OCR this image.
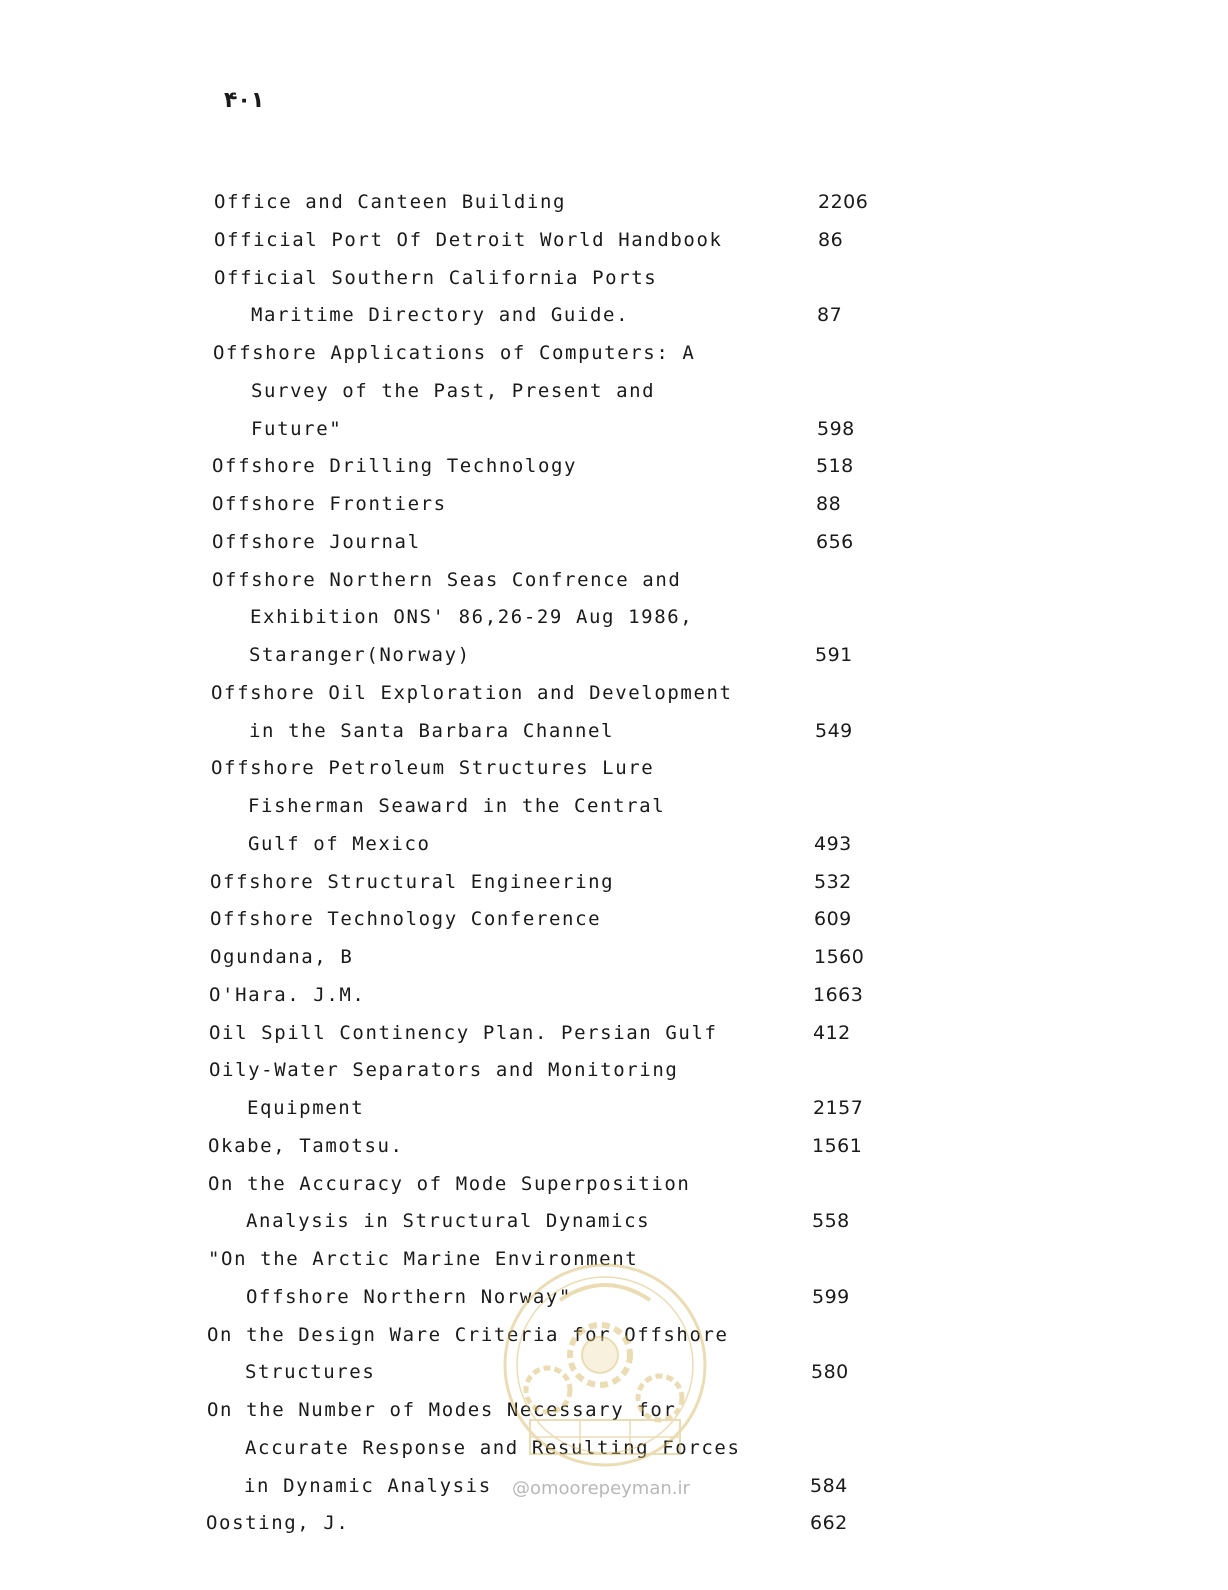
۴۰۱
Office and Canteen Building	2206
Official Port Of Detroit World Handbook	86
Official Southern California Ports
Maritime Directory and Guide.	87
Offshore Applications of Computers: A
Survey of the Past, Present and
Future"	598
Offshore Drilling Technology	518
Offshore Frontiers	88
Offshore Journal	656
Offshore Northern Seas Confrence and
Exhibition ONS' 86,26-29 Aug 1986,
Staranger(Norway)	591
Offshore Oil Exploration and Development
in the Santa Barbara Channel	549
Offshore Petroleum Structures Lure
Fisherman Seaward in the Central
Gulf of Mexico	493
Offshore Structural Engineering	532
Offshore Technology Conference	609
Ogundana, B	1560
O'Hara. J.M.	1663
Oil Spill Continency Plan. Persian Gulf	412
Oily-Water Separators and Monitoring
Equipment	2157
Okabe, Tamotsu.	1561
On the Accuracy of Mode Superposition
Analysis in Structural Dynamics	558
"On the Arctic Marine Environment
Offshore Northern Norway"	599
On the Design Ware Criteria for Offshore
Structures	580
On the Number of Modes Necessary for
Accurate Response and Resulting Forces
in Dynamic Analysis	584
Oosting, J.	662
@omoorepeyman.ir
